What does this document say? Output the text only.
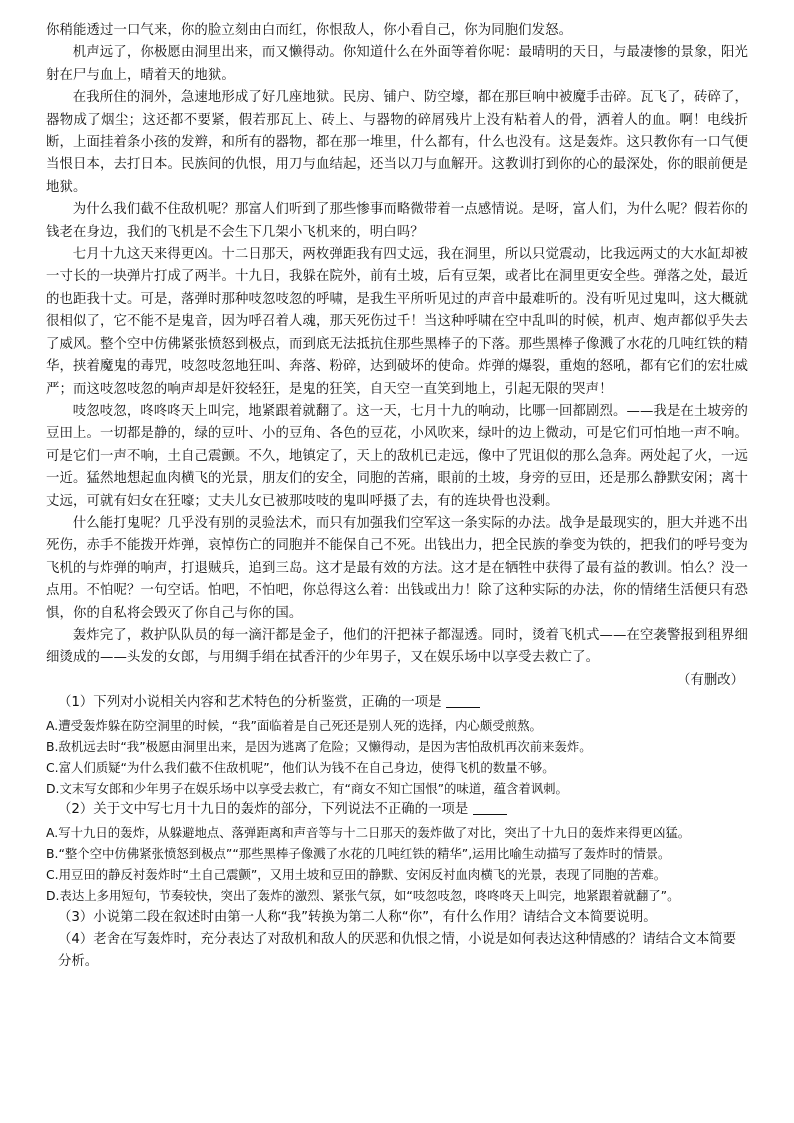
你稍能透过一口气来，你的脸立刻由白而红，你恨敌人，你小看自己，你为同胞们发怒。

机声远了，你极愿由洞里出来，而又懒得动。你知道什么在外面等着你呢：最晴明的天日，与最凄惨的景象，阳光射在尸与血上，晴着天的地狱。

在我所住的洞外，急速地形成了好几座地狱。民房、铺户、防空壕，都在那巨响中被魔手击碎。瓦飞了，砖碎了，器物成了烟尘；这还都不要紧，假若那瓦上、砖上、与器物的碎屑残片上没有粘着人的骨，洒着人的血。啊！电线折断，上面挂着条小孩的发辫，和所有的器物，都在那一堆里，什么都有，什么也没有。这是轰炸。这只教你有一口气便当恨日本，去打日本。民族间的仇恨，用刀与血结起，还当以刀与血解开。这教训打到你的心的最深处，你的眼前便是地狱。

为什么我们截不住敌机呢？那富人们听到了那些惨事而略微带着一点感情说。是呀，富人们，为什么呢？假若你的钱老在身边，我们的飞机是不会生下几架小飞机来的，明白吗？

七月十九这天来得更凶。十二日那天，两枚弹距我有四丈远，我在洞里，所以只觉震动，比我远两丈的大水缸却被一寸长的一块弹片打成了两半。十九日，我躲在院外，前有土坡，后有豆架，或者比在洞里更安全些。弹落之处，最近的也距我十丈。可是，落弹时那种吱忽吱忽的呼啸，是我生平所听见过的声音中最难听的。没有听见过鬼叫，这大概就很相似了，它不能不是鬼音，因为呼召着人魂，那天死伤过千！当这种呼啸在空中乱叫的时候，机声、炮声都似乎失去了威风。整个空中仿佛紧张愤怒到极点，而到底无法抵抗住那些黑棒子的下落。那些黑棒子像溅了水花的几吨红铁的精华，挟着魔鬼的毒咒，吱忽吱忽地狂叫、奔落、粉碎，达到破坏的使命。炸弹的爆裂，重炮的怒吼，都有它们的宏壮威严；而这吱忽吱忽的响声却是奸狡轻狂，是鬼的狂笑，自天空一直笑到地上，引起无限的哭声！

吱忽吱忽，咚咚咚天上叫完，地紧跟着就翻了。这一天，七月十九的响动，比哪一回都剧烈。——我是在土坡旁的豆田上。一切都是静的，绿的豆叶、小的豆角、各色的豆花，小风吹来，绿叶的边上微动，可是它们可怕地一声不响。可是它们一声不响，土自己震颤。不久，地镇定了，天上的敌机已走远，像中了咒诅似的那么急奔。两处起了火，一远一近。猛然地想起血肉横飞的光景，朋友们的安全，同胞的苦痛，眼前的土坡，身旁的豆田，还是那么静默安闲；离十丈远，可就有妇女在狂嚎；丈夫儿女已被那吱吱的鬼叫呼摄了去，有的连块骨也没剩。

什么能打鬼呢？几乎没有别的灵验法术，而只有加强我们空军这一条实际的办法。战争是最现实的，胆大并逃不出死伤，赤手不能拨开炸弹，哀悼伤亡的同胞并不能保自己不死。出钱出力，把全民族的拳变为铁的，把我们的呼号变为飞机的与炸弹的响声，打退贼兵，追到三岛。这才是最有效的方法。这才是在牺牲中获得了最有益的教训。怕么？没一点用。不怕呢？一句空话。怕吧，不怕吧，你总得这么着：出钱或出力！除了这种实际的办法，你的情绪生活便只有恐惧，你的自私将会毁灭了你自己与你的国。

轰炸完了，救护队队员的每一滴汗都是金子，他们的汗把袜子都湿透。同时，烫着飞机式——在空袭警报到租界细细烫成的——头发的女郎，与用绸手绢在拭香汗的少年男子，又在娱乐场中以享受去救亡了。

（有删改）

（1）下列对小说相关内容和艺术特色的分析鉴赏，正确的一项是

A.遭受轰炸躲在防空洞里的时候，“我”面临着是自己死还是别人死的选择，内心颇受煎熬。

B.敌机远去时“我”极愿由洞里出来，是因为逃离了危险；又懒得动，是因为害怕敌机再次前来轰炸。

C.富人们质疑“为什么我们截不住敌机呢”，他们认为钱不在自己身边，使得飞机的数量不够。

D.文末写女郎和少年男子在娱乐场中以享受去救亡，有“商女不知亡国恨”的味道，蕴含着讽刺。

（2）关于文中写七月十九日的轰炸的部分，下列说法不正确的一项是

A.写十九日的轰炸，从躲避地点、落弹距离和声音等与十二日那天的轰炸做了对比，突出了十九日的轰炸来得更凶猛。

B.“整个空中仿佛紧张愤怒到极点”“那些黑棒子像溅了水花的几吨红铁的精华”,运用比喻生动描写了轰炸时的情景。

C.用豆田的静反衬轰炸时“土自己震颤”，又用土坡和豆田的静默、安闲反衬血肉横飞的光景，表现了同胞的苦难。

D.表达上多用短句，节奏较快，突出了轰炸的激烈、紧张气氛，如“吱忽吱忽，咚咚咚天上叫完，地紧跟着就翻了”。

（3）小说第二段在叙述时由第一人称“我”转换为第二人称“你”，有什么作用？请结合文本简要说明。

（4）老舍在写轰炸时，充分表达了对敌机和敌人的厌恶和仇恨之情，小说是如何表达这种情感的？请结合文本简要分析。
